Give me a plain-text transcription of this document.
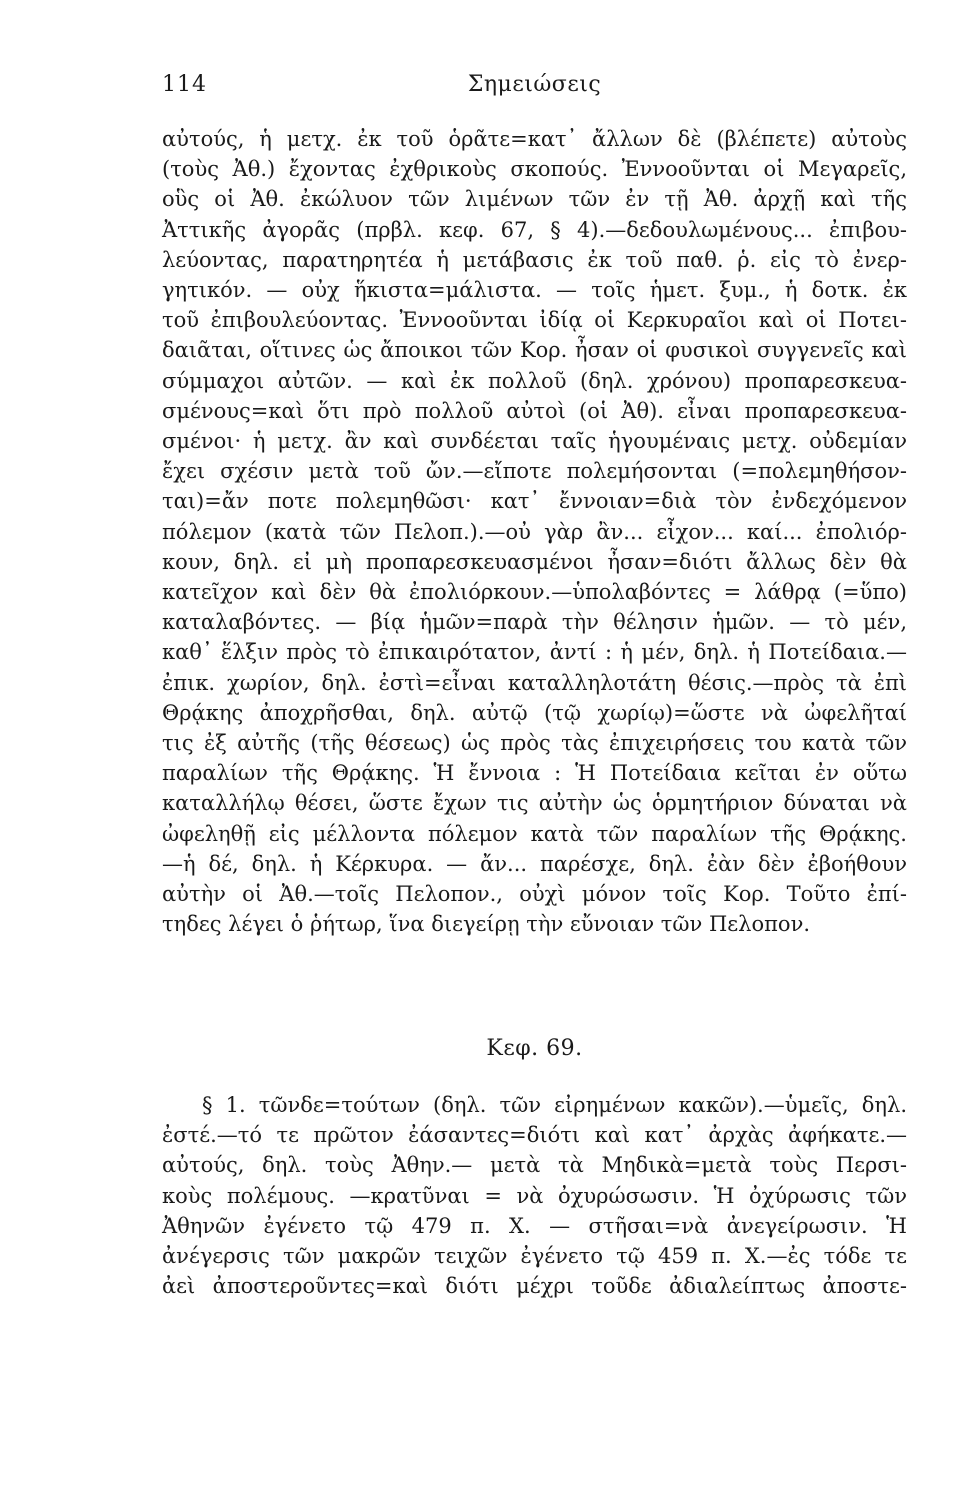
114	Σημειώσεις
αὐτούς, ἡ μετχ. ἐκ τοῦ ὁρᾶτε=κατ᾽ ἄλλων δὲ (βλέπετε) αὐτοὺς
(τοὺς Ἀθ.) ἔχοντας ἐχθρικοὺς σκοπούς. Ἐννοοῦνται οἱ Μεγαρεῖς,
οὓς οἱ Ἀθ. ἐκώλυον τῶν λιμένων τῶν ἐν τῇ Ἀθ. ἀρχῇ καὶ τῆς
Ἀττικῆς ἀγορᾶς (πρβλ. κεφ. 67, § 4).—δεδουλωμένους... ἐπιβου-
λεύοντας, παρατηρητέα ἡ μετάβασις ἐκ τοῦ παθ. ῥ. εἰς τὸ ἐνερ-
γητικόν. — οὐχ ἥκιστα=μάλιστα. — τοῖς ἡμετ. ξυμ., ἡ δοτκ. ἐκ
τοῦ ἐπιβουλεύοντας. Ἐννοοῦνται ἰδίᾳ οἱ Κερκυραῖοι καὶ οἱ Ποτει-
δαιᾶται, οἵτινες ὡς ἄποικοι τῶν Κορ. ἦσαν οἱ φυσικοὶ συγγενεῖς καὶ
σύμμαχοι αὐτῶν. — καὶ ἐκ πολλοῦ (δηλ. χρόνου) προπαρεσκευα-
σμένους=καὶ ὅτι πρὸ πολλοῦ αὐτοὶ (οἱ Ἀθ). εἶναι προπαρεσκευα-
σμένοι· ἡ μετχ. ἂν καὶ συνδέεται ταῖς ἡγουμέναις μετχ. οὐδεμίαν
ἔχει σχέσιν μετὰ τοῦ ὤν.—εἴποτε πολεμήσονται (=πολεμηθήσον-
ται)=ἄν ποτε πολεμηθῶσι· κατ᾽ ἔννοιαν=διὰ τὸν ἐνδεχόμενον
πόλεμον (κατὰ τῶν Πελοπ.).—οὐ γὰρ ἂν... εἶχον... καί... ἐπολιόρ-
κουν, δηλ. εἰ μὴ προπαρεσκευασμένοι ἦσαν=διότι ἄλλως δὲν θὰ
κατεῖχον καὶ δὲν θὰ ἐπολιόρκουν.—ὑπολαβόντες = λάθρᾳ (=ὕπο)
καταλαβόντες. — βίᾳ ἡμῶν=παρὰ τὴν θέλησιν ἡμῶν. — τὸ μέν,
καθ᾽ ἕλξιν πρὸς τὸ ἐπικαιρότατον, ἀντί : ἡ μέν, δηλ. ἡ Ποτείδαια.—
ἐπικ. χωρίον, δηλ. ἐστὶ=εἶναι καταλληλοτάτη θέσις.—πρὸς τὰ ἐπὶ
Θρᾴκης ἀποχρῆσθαι, δηλ. αὐτῷ (τῷ χωρίῳ)=ὥστε νὰ ὠφελῆταί
τις ἐξ αὐτῆς (τῆς θέσεως) ὡς πρὸς τὰς ἐπιχειρήσεις του κατὰ τῶν
παραλίων τῆς Θρᾴκης. Ἡ ἔννοια : Ἡ Ποτείδαια κεῖται ἐν οὕτω
καταλλήλῳ θέσει, ὥστε ἔχων τις αὐτὴν ὡς ὁρμητήριον δύναται νὰ
ὠφεληθῇ εἰς μέλλοντα πόλεμον κατὰ τῶν παραλίων τῆς Θρᾴκης.
—ἡ δέ, δηλ. ἡ Κέρκυρα. — ἄν... παρέσχε, δηλ. ἐὰν δὲν ἐβοήθουν
αὐτὴν οἱ Ἀθ.—τοῖς Πελοπον., οὐχὶ μόνον τοῖς Κορ. Τοῦτο ἐπί-
τηδες λέγει ὁ ῥήτωρ, ἵνα διεγείρῃ τὴν εὔνοιαν τῶν Πελοπον.
Κεφ. 69.
§ 1. τῶνδε=τούτων (δηλ. τῶν εἰρημένων κακῶν).—ὑμεῖς, δηλ.
ἐστέ.—τό τε πρῶτον ἐάσαντες=διότι καὶ κατ᾽ ἀρχὰς ἀφήκατε.—
αὐτούς, δηλ. τοὺς Ἀθην.— μετὰ τὰ Μηδικὰ=μετὰ τοὺς Περσι-
κοὺς πολέμους. —κρατῦναι = νὰ ὀχυρώσωσιν. Ἡ ὀχύρωσις τῶν
Ἀθηνῶν ἐγένετο τῷ 479 π. Χ. — στῆσαι=νὰ ἀνεγείρωσιν. Ἡ
ἀνέγερσις τῶν μακρῶν τειχῶν ἐγένετο τῷ 459 π. Χ.—ἐς τόδε τε
ἀεὶ ἀποστεροῦντες=καὶ διότι μέχρι τοῦδε ἀδιαλείπτως ἀποστε-
